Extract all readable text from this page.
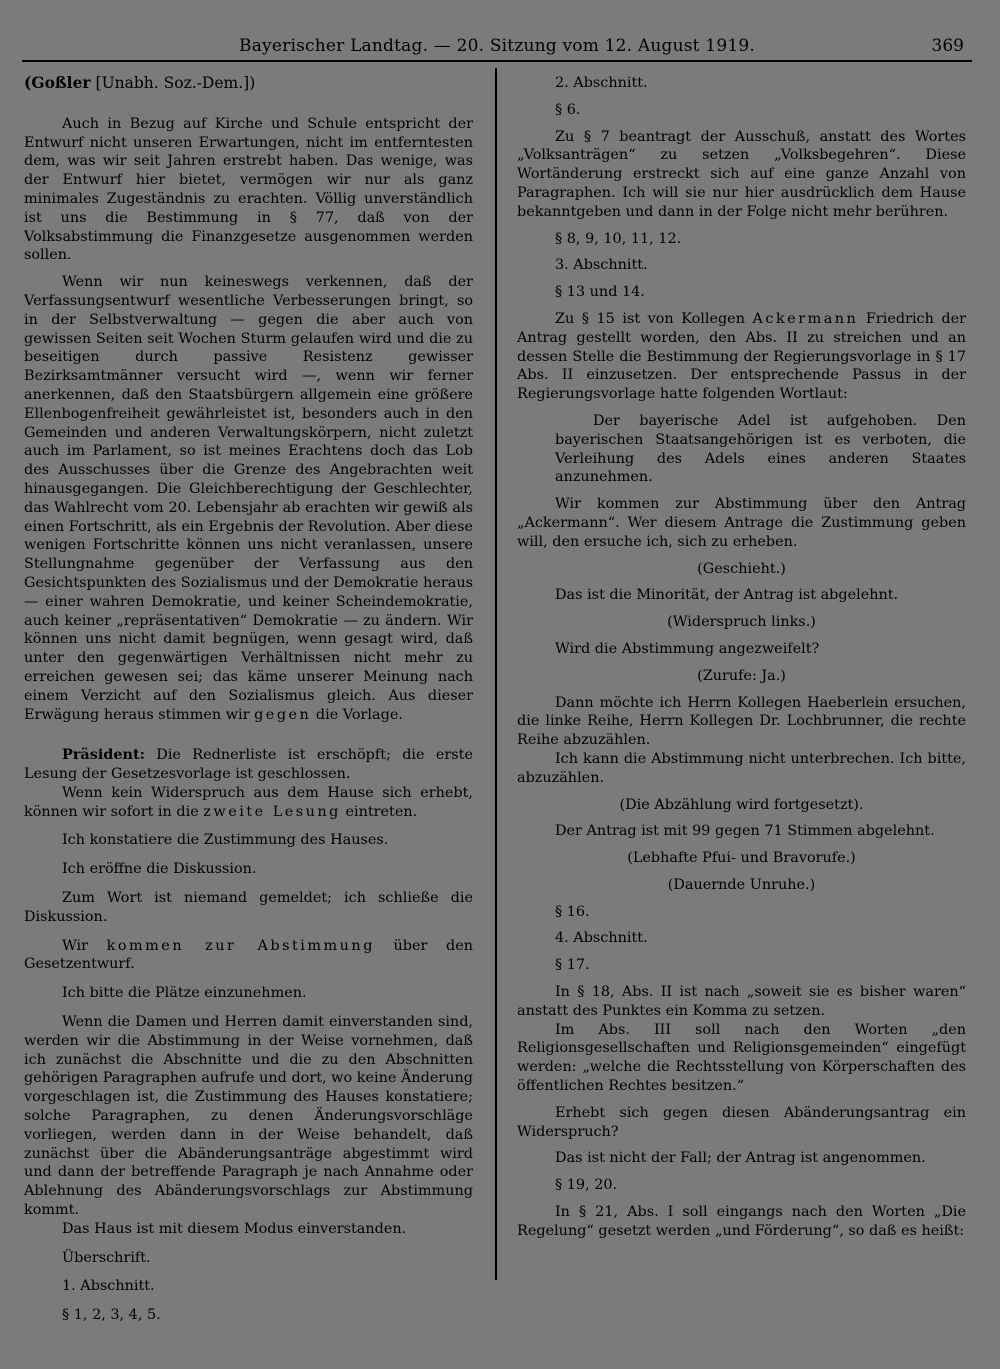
Bayerischer Landtag. — 20. Sitzung vom 12. August 1919.	369

(Goßler [Unabh. Soz.-Dem.])

Auch in Bezug auf Kirche und Schule entspricht der Entwurf nicht unseren Erwartungen, nicht im entferntesten dem, was wir seit Jahren erstrebt haben. Das wenige, was der Entwurf hier bietet, vermögen wir nur als ganz minimales Zugeständnis zu erachten. Völlig unverständlich ist uns die Bestimmung in § 77, daß von der Volksabstimmung die Finanzgesetze ausgenommen werden sollen.

Wenn wir nun keineswegs verkennen, daß der Verfassungsentwurf wesentliche Verbesserungen bringt, so in der Selbstverwaltung — gegen die aber auch von gewissen Seiten seit Wochen Sturm gelaufen wird und die zu beseitigen durch passive Resistenz gewisser Bezirksamtmänner versucht wird —, wenn wir ferner anerkennen, daß den Staatsbürgern allgemein eine größere Ellenbogenfreiheit gewährleistet ist, besonders auch in den Gemeinden und anderen Verwaltungskörpern, nicht zuletzt auch im Parlament, so ist meines Erachtens doch das Lob des Ausschusses über die Grenze des Angebrachten weit hinausgegangen. Die Gleichberechtigung der Geschlechter, das Wahlrecht vom 20. Lebensjahr ab erachten wir gewiß als einen Fortschritt, als ein Ergebnis der Revolution. Aber diese wenigen Fortschritte können uns nicht veranlassen, unsere Stellungnahme gegenüber der Verfassung aus den Gesichtspunkten des Sozialismus und der Demokratie heraus — einer wahren Demokratie, und keiner Scheindemokratie, auch keiner „repräsentativen“ Demokratie — zu ändern. Wir können uns nicht damit begnügen, wenn gesagt wird, daß unter den gegenwärtigen Verhältnissen nicht mehr zu erreichen gewesen sei; das käme unserer Meinung nach einem Verzicht auf den Sozialismus gleich. Aus dieser Erwägung heraus stimmen wir gegen die Vorlage.

Präsident: Die Rednerliste ist erschöpft; die erste Lesung der Gesetzesvorlage ist geschlossen.

Wenn kein Widerspruch aus dem Hause sich erhebt, können wir sofort in die zweite Lesung eintreten.

Ich konstatiere die Zustimmung des Hauses.

Ich eröffne die Diskussion.

Zum Wort ist niemand gemeldet; ich schließe die Diskussion.

Wir kommen zur Abstimmung über den Gesetzentwurf.

Ich bitte die Plätze einzunehmen.

Wenn die Damen und Herren damit einverstanden sind, werden wir die Abstimmung in der Weise vornehmen, daß ich zunächst die Abschnitte und die zu den Abschnitten gehörigen Paragraphen aufrufe und dort, wo keine Änderung vorgeschlagen ist, die Zustimmung des Hauses konstatiere; solche Paragraphen, zu denen Änderungsvorschläge vorliegen, werden dann in der Weise behandelt, daß zunächst über die Abänderungsanträge abgestimmt wird und dann der betreffende Paragraph je nach Annahme oder Ablehnung des Abänderungsvorschlags zur Abstimmung kommt.

Das Haus ist mit diesem Modus einverstanden.

Überschrift.

1. Abschnitt.

§ 1, 2, 3, 4, 5.

2. Abschnitt.

§ 6.

Zu § 7 beantragt der Ausschuß, anstatt des Wortes „Volksanträgen“ zu setzen „Volksbegehren“. Diese Wortänderung erstreckt sich auf eine ganze Anzahl von Paragraphen. Ich will sie nur hier ausdrücklich dem Hause bekanntgeben und dann in der Folge nicht mehr berühren.

§ 8, 9, 10, 11, 12.

3. Abschnitt.

§ 13 und 14.

Zu § 15 ist von Kollegen Ackermann Friedrich der Antrag gestellt worden, den Abs. II zu streichen und an dessen Stelle die Bestimmung der Regierungsvorlage in § 17 Abs. II einzusetzen. Der entsprechende Passus in der Regierungsvorlage hatte folgenden Wortlaut:

Der bayerische Adel ist aufgehoben. Den bayerischen Staatsangehörigen ist es verboten, die Verleihung des Adels eines anderen Staates anzunehmen.

Wir kommen zur Abstimmung über den Antrag „Ackermann“. Wer diesem Antrage die Zustimmung geben will, den ersuche ich, sich zu erheben.

(Geschieht.)

Das ist die Minorität, der Antrag ist abgelehnt.

(Widerspruch links.)

Wird die Abstimmung angezweifelt?

(Zurufe: Ja.)

Dann möchte ich Herrn Kollegen Haeberlein ersuchen, die linke Reihe, Herrn Kollegen Dr. Lochbrunner, die rechte Reihe abzuzählen.

Ich kann die Abstimmung nicht unterbrechen. Ich bitte, abzuzählen.

(Die Abzählung wird fortgesetzt).

Der Antrag ist mit 99 gegen 71 Stimmen abgelehnt.

(Lebhafte Pfui- und Bravorufe.)

(Dauernde Unruhe.)

§ 16.

4. Abschnitt.

§ 17.

In § 18, Abs. II ist nach „soweit sie es bisher waren“ anstatt des Punktes ein Komma zu setzen.

Im Abs. III soll nach den Worten „den Religionsgesellschaften und Religionsgemeinden“ eingefügt werden: „welche die Rechtsstellung von Körperschaften des öffentlichen Rechtes besitzen.“

Erhebt sich gegen diesen Abänderungsantrag ein Widerspruch?

Das ist nicht der Fall; der Antrag ist angenommen.

§ 19, 20.

In § 21, Abs. I soll eingangs nach den Worten „Die Regelung“ gesetzt werden „und Förderung“, so daß es heißt:
